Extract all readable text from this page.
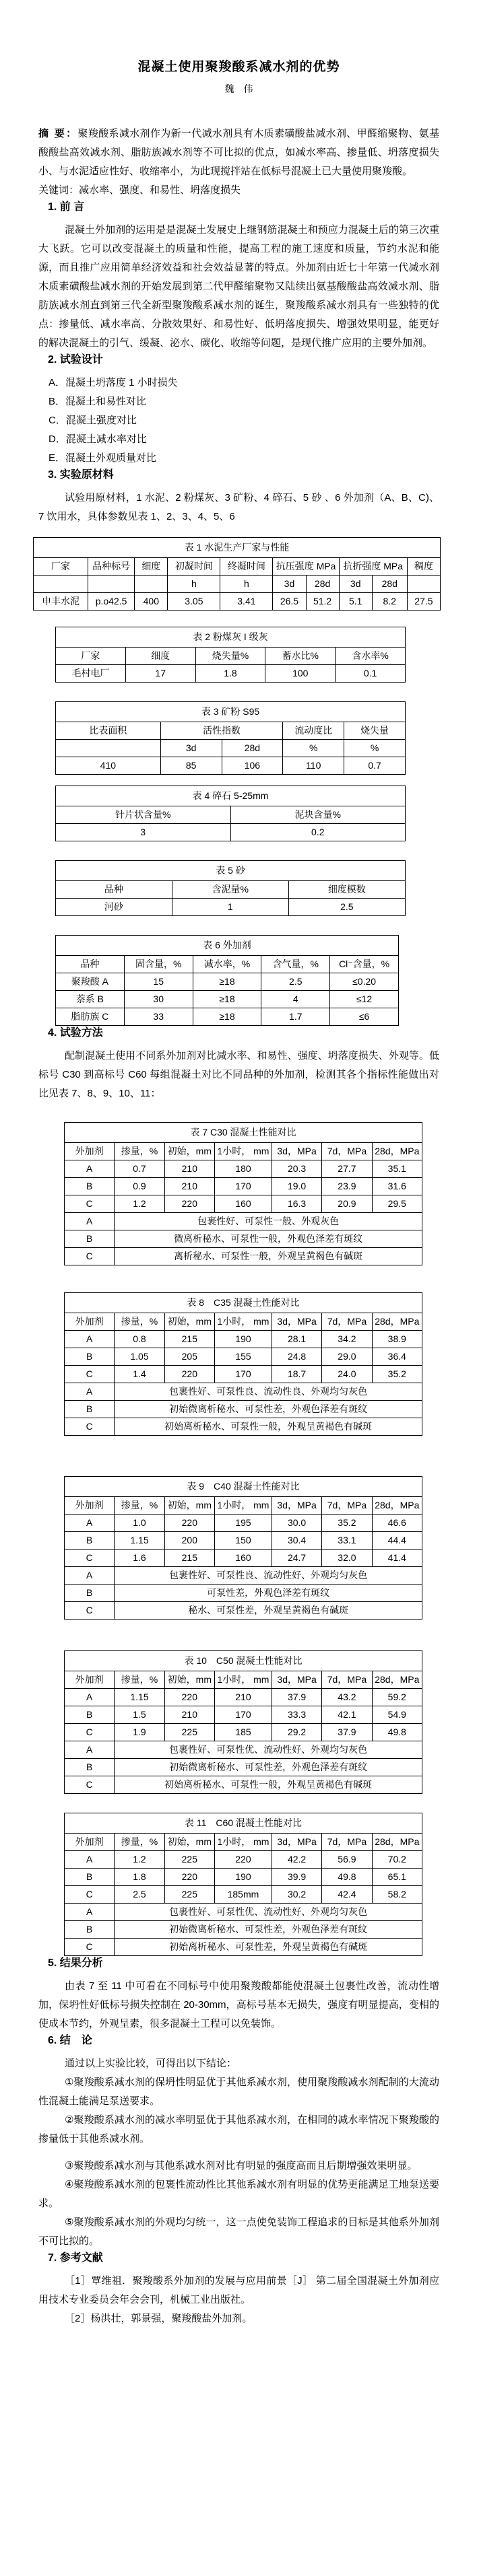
混凝土使用聚羧酸系减水剂的优势
魏　伟

摘 要：聚羧酸系减水剂作为新一代减水剂具有木质素磺酸盐减水剂、甲醛缩聚物、氨基酸酸盐高效减水剂、脂肪族减水剂等不可比拟的优点，如减水率高、掺量低、坍落度损失小、与水泥适应性好、收缩率小，为此现搅拌站在低标号混凝土已大量使用聚羧酸。

关键词：减水率、强度、和易性、坍落度损失

1. 前 言

混凝土外加剂的运用是是混凝土发展史上继钢筋混凝土和预应力混凝土后的第三次重大飞跃。它可以改变混凝土的质量和性能，提高工程的施工速度和质量，节约水泥和能源，而且推广应用简单经济效益和社会效益显著的特点。外加剂由近七十年第一代减水剂木质素磺酸盐减水剂的开始发展到第二代甲醛缩聚物又陆续出氨基酸酸盐高效减水剂、脂肪族减水剂直到第三代全新型聚羧酸系减水剂的诞生，聚羧酸系减水剂具有一些独特的优点：掺量低、减水率高、分散效果好、和易性好、低坍落度损失、增强效果明显，能更好的解决混凝土的引气、缓凝、泌水、碳化、收缩等问题，是现代推广应用的主要外加剂。

2. 试验设计

A．混凝土坍落度 1 小时损失

B．混凝土和易性对比

C．混凝土强度对比

D．混凝土减水率对比

E．混凝土外观质量对比

3. 实验原材料

试验用原材料，1 水泥、2 粉煤灰、3 矿粉、4 碎石、5 砂 、6 外加剂（A、B、C)、7 饮用水，具体参数见表 1、2、3、4、5、6

表 1 水泥生产厂家与性能									
厂家	品种标号	细度	初凝时间	终凝时间	抗压强度 MPa		抗折强度 MPa		稠度
			h	h	3d	28d	3d	28d	
申丰水泥	p.o42.5	400	3.05	3.41	26.5	51.2	5.1	8.2	27.5
表 2 粉煤灰 I 级灰				
厂家	细度	烧失量%	蓄水比%	含水率%
毛村电厂	17	1.8	100	0.1
表 3 矿粉 S95				
比表面积	活性指数		流动度比	烧失量
	3d	28d	%	%
410	85	106	110	0.7
表 4 碎石 5-25mm	
针片状含量%	泥块含量%
3	0.2
表 5 砂		
品种	含泥量%	细度模数
河砂	1	2.5
表 6 外加剂				
品种	固含量，%	减水率，%	含气量，%	Cl⁻含量，%
聚羧酸 A	15	≥18	2.5	≤0.20
萘系 B	30	≥18	4	≤12
脂肪族 C	33	≥18	1.7	≤6
4. 试验方法

配制混凝土使用不同系外加剂对比减水率、和易性、强度、坍落度损失、外观等。低标号 C30 到高标号 C60 每组混凝土对比不同品种的外加剂，检测其各个指标性能做出对比见表 7、8、9、10、11：

表 7 C30 混凝土性能对比						
外加剂	掺量，%	初始，mm	1小时， mm	3d，MPa	7d，MPa	28d，MPa
A	0.7	210	180	20.3	27.7	35.1
B	0.9	210	170	19.0	23.9	31.6
C	1.2	220	160	16.3	20.9	29.5
A	包裹性好、可泵性一般、外观灰色					
B	微离析秘水、可泵性一般，外观色泽差有斑纹					
C	离析秘水、可泵性一般，外观呈黄褐色有碱斑					
表 8　C35 混凝土性能对比						
外加剂	掺量，%	初始，mm	1小时， mm	3d，MPa	7d，MPa	28d，MPa
A	0.8	215	190	28.1	34.2	38.9
B	1.05	205	155	24.8	29.0	36.4
C	1.4	220	170	18.7	24.0	35.2
A	包裹性好、可泵性良、流动性良、外观均匀灰色					
B	初始微离析秘水、可泵性差，外观色泽差有斑纹					
C	初始离析秘水、可泵性一般，外观呈黄褐色有碱斑					
表 9　C40 混凝土性能对比						
外加剂	掺量，%	初始，mm	1小时， mm	3d，MPa	7d，MPa	28d，MPa
A	1.0	220	195	30.0	35.2	46.6
B	1.15	200	150	30.4	33.1	44.4
C	1.6	215	160	24.7	32.0	41.4
A	包裹性好、可泵性良、流动性好、外观均匀灰色					
B	可泵性差，外观色泽差有斑纹					
C	秘水、可泵性差，外观呈黄褐色有碱斑					
表 10　C50 混凝土性能对比						
外加剂	掺量，%	初始，mm	1小时， mm	3d，MPa	7d，MPa	28d，MPa
A	1.15	220	210	37.9	43.2	59.2
B	1.5	210	170	33.3	42.1	54.9
C	1.9	225	185	29.2	37.9	49.8
A	包裹性好、可泵性优、流动性好、外观均匀灰色					
B	初始微离析秘水、可泵性差，外观色泽差有斑纹					
C	初始离析秘水、可泵性一般，外观呈黄褐色有碱斑					
表 11　C60 混凝土性能对比						
外加剂	掺量，%	初始，mm	1小时， mm	3d，MPa	7d，MPa	28d，MPa
A	1.2	225	220	42.2	56.9	70.2
B	1.8	220	190	39.9	49.8	65.1
C	2.5	225	185mm	30.2	42.4	58.2
A	包裹性好、可泵性优、流动性好、外观均匀灰色					
B	初始微离析秘水、可泵性差，外观色泽差有斑纹					
C	初始离析秘水、可泵性差，外观呈黄褐色有碱斑					
5. 结果分析

由表 7 至 11 中可看在不同标号中使用聚羧酸都能使混凝土包裹性改善，流动性增加，保坍性好低标号损失控制在 20-30mm，高标号基本无损失，强度有明显提高，变相的使成本节约，外观呈素，很多混凝土工程可以免装饰。

6. 结　论

通过以上实验比较，可得出以下结论：

①聚羧酸系减水剂的保坍性明显优于其他系减水剂，使用聚羧酸减水剂配制的大流动性混凝土能满足泵送要求。

②聚羧酸系减水剂的减水率明显优于其他系减水剂，在相同的减水率情况下聚羧酸的掺量低于其他系减水剂。

③聚羧酸系减水剂与其他系减水剂对比有明显的强度高而且后期增强效果明显。

④聚羧酸系减水剂的包裹性流动性比其他系减水剂有明显的优势更能满足工地泵送要求。

⑤聚羧酸系减水剂的外观均匀统一，这一点使免装饰工程追求的目标是其他系外加剂不可比拟的。

7. 参考文献

［1］覃维祖．聚羧酸系外加剂的发展与应用前景［J］ 第二届全国混凝土外加剂应用技术专业委员会年会会刊，机械工业出版社。

［2］杨洪壮，郭景强，聚羧酸盐外加剂。
